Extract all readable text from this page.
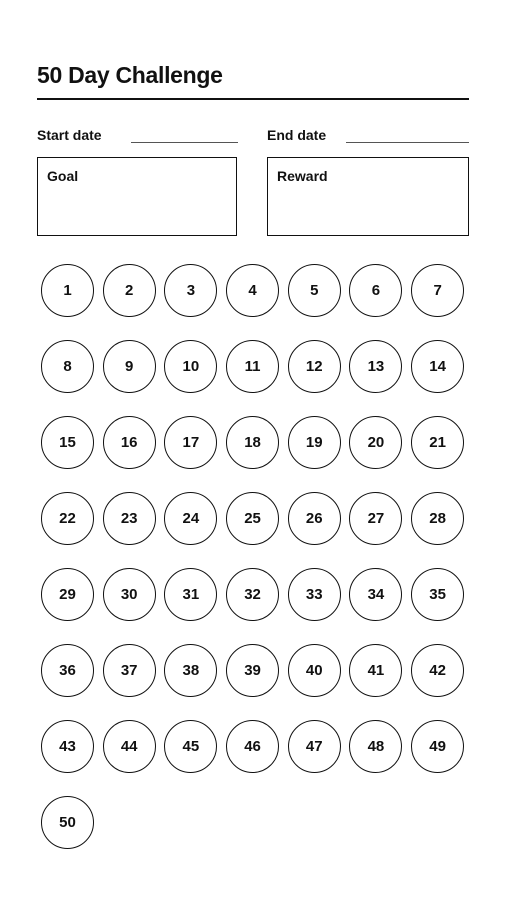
50 Day Challenge
Start date	End date
Goal	Reward
1	2	3	4	5	6	7
8	9	10	11	12	13	14
15	16	17	18	19	20	21
22	23	24	25	26	27	28
29	30	31	32	33	34	35
36	37	38	39	40	41	42
43	44	45	46	47	48	49
50
